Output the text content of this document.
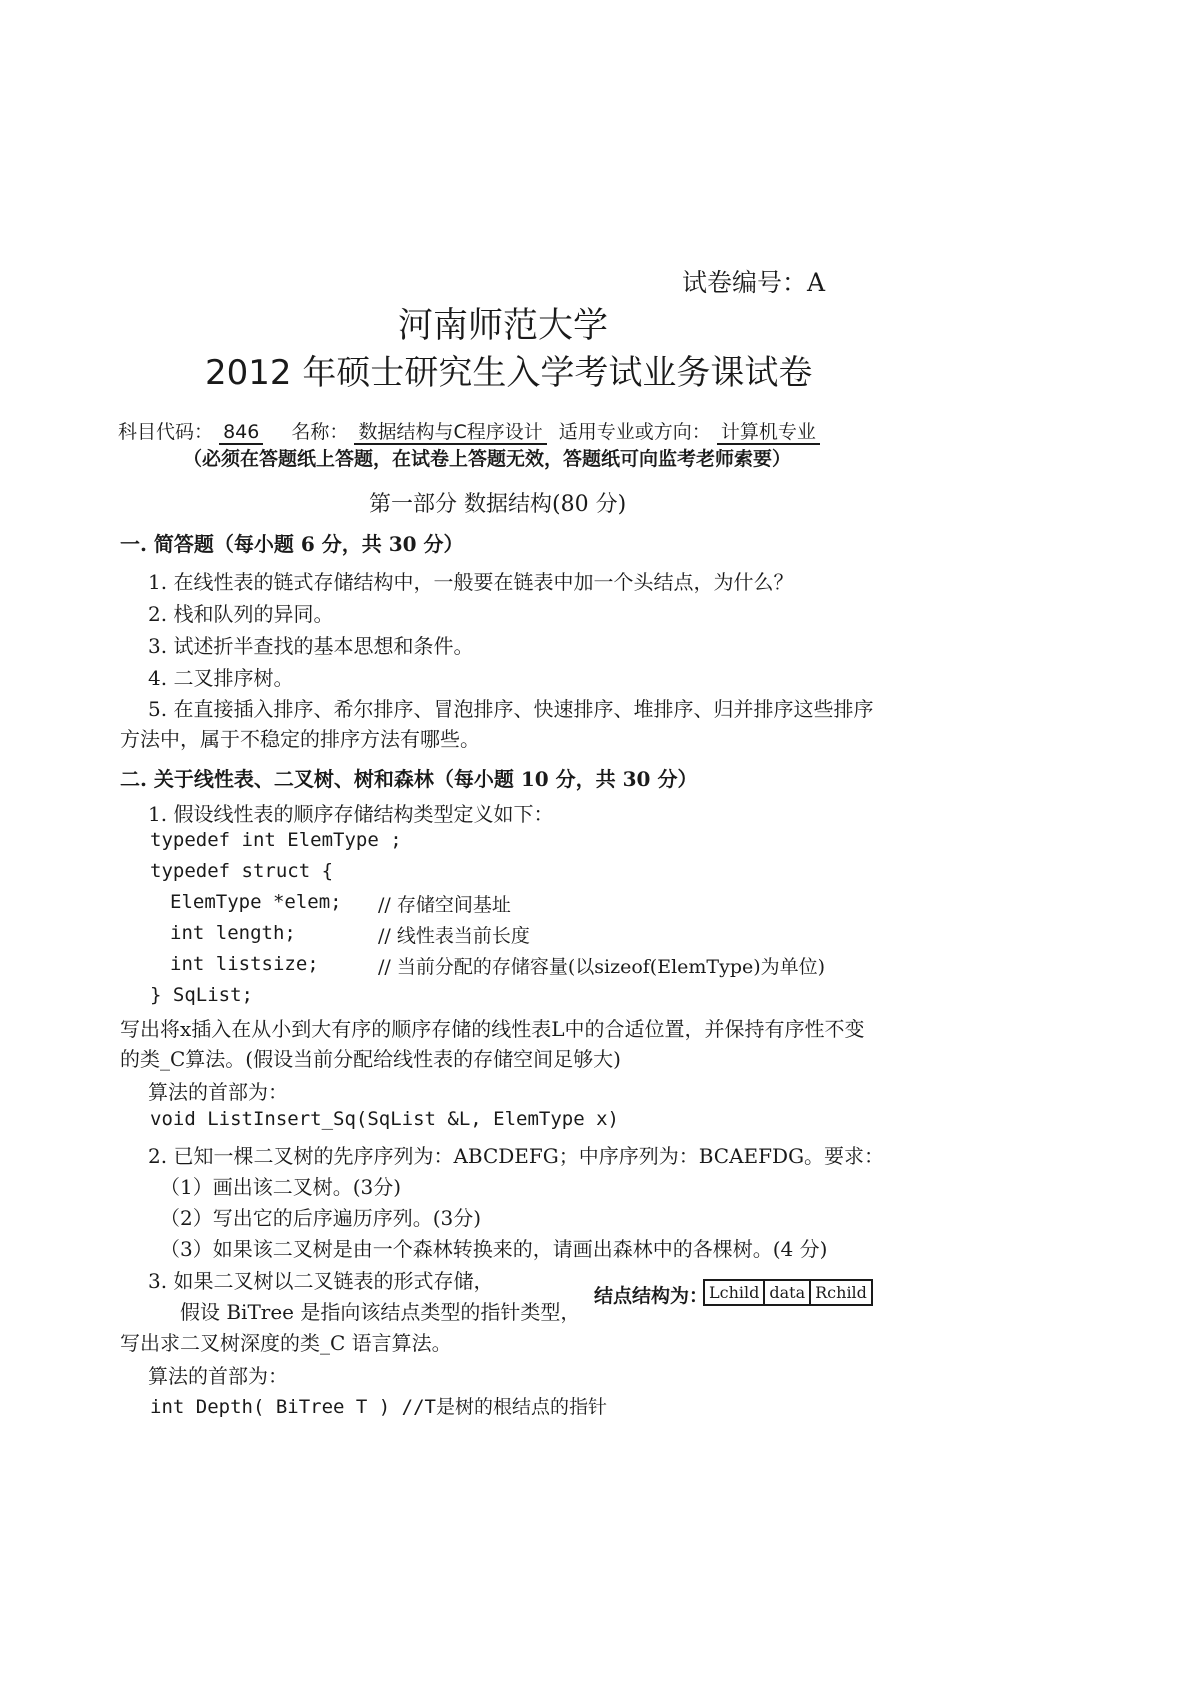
试卷编号：A
河南师范大学
2012 年硕士研究生入学考试业务课试卷
科目代码： 846 名称： 数据结构与C程序设计 适用专业或方向： 计算机专业
（必须在答题纸上答题，在试卷上答题无效，答题纸可向监考老师索要）
第一部分 数据结构(80 分)
一. 简答题（每小题 6 分，共 30 分）
1. 在线性表的链式存储结构中，一般要在链表中加一个头结点，为什么？
2. 栈和队列的异同。
3. 试述折半查找的基本思想和条件。
4. 二叉排序树。
5. 在直接插入排序、希尔排序、冒泡排序、快速排序、堆排序、归并排序这些排序
方法中，属于不稳定的排序方法有哪些。
二. 关于线性表、二叉树、树和森林（每小题 10 分，共 30 分）
1. 假设线性表的顺序存储结构类型定义如下：
typedef int ElemType ;
typedef struct {
ElemType *elem;
int length;
int listsize;
} SqList;
// 存储空间基址
// 线性表当前长度
// 当前分配的存储容量(以sizeof(ElemType)为单位)
写出将x插入在从小到大有序的顺序存储的线性表L中的合适位置，并保持有序性不变
的类_C算法。(假设当前分配给线性表的存储空间足够大)
算法的首部为：
void ListInsert_Sq(SqList &L, ElemType x)
2. 已知一棵二叉树的先序序列为：ABCDEFG；中序序列为：BCAEFDG。要求：
（1）画出该二叉树。(3分)
（2）写出它的后序遍历序列。(3分)
（3）如果该二叉树是由一个森林转换来的，请画出森林中的各棵树。(4 分)
3. 如果二叉树以二叉链表的形式存储，
假设 BiTree 是指向该结点类型的指针类型，
写出求二叉树深度的类_C 语言算法。
结点结构为： Lchild data Rchild
算法的首部为：
int Depth( BiTree T ) //T是树的根结点的指针
